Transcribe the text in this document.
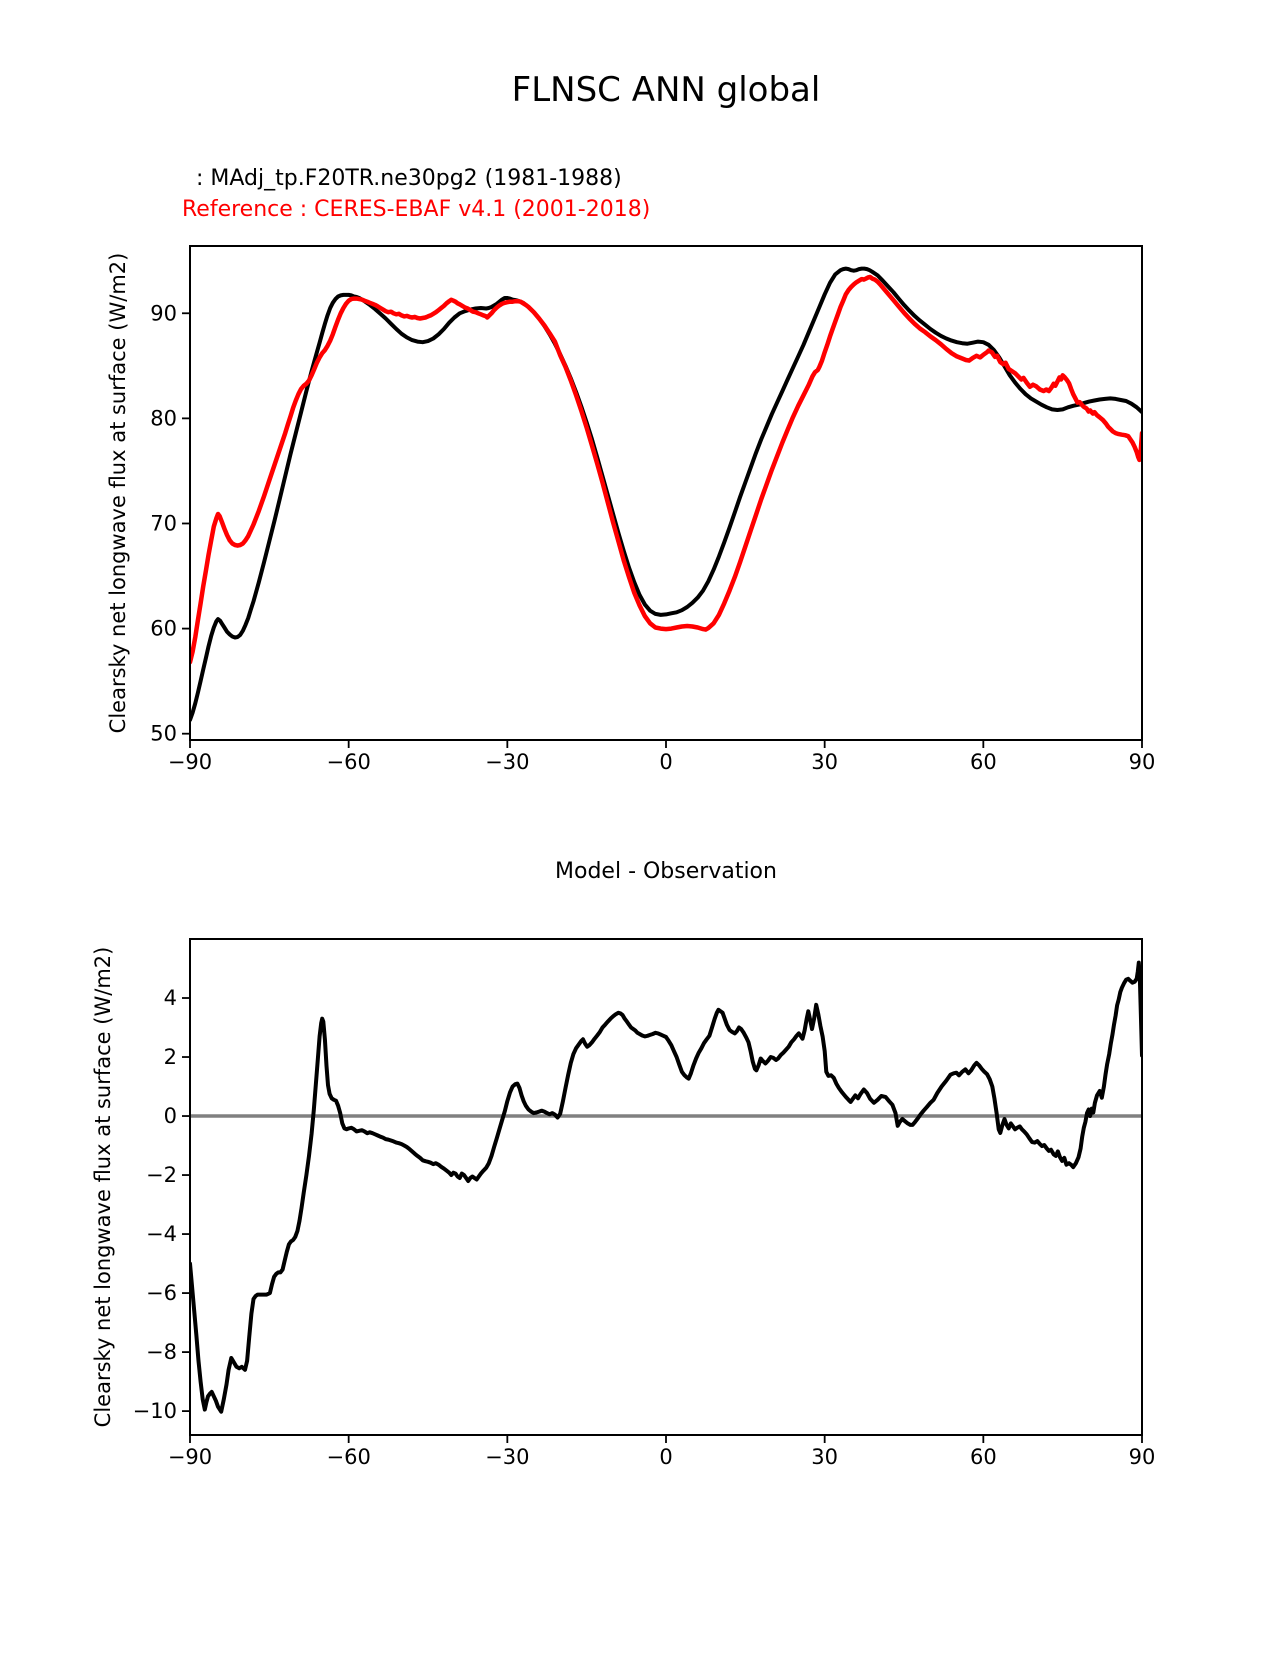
−90	−60	−30	0	30	60	90
50
60
70
80
90
−90	−60	−30	0	30	60	90
−10
−8
−6
−4
−2
0
2
4
FLNSC ANN global
: MAdj_tp.F20TR.ne30pg2 (1981-1988)
Reference : CERES-EBAF v4.1 (2001-2018)
Clearsky net longwave flux at surface (W/m2)
Model - Observation
Clearsky net longwave flux at surface (W/m2)
